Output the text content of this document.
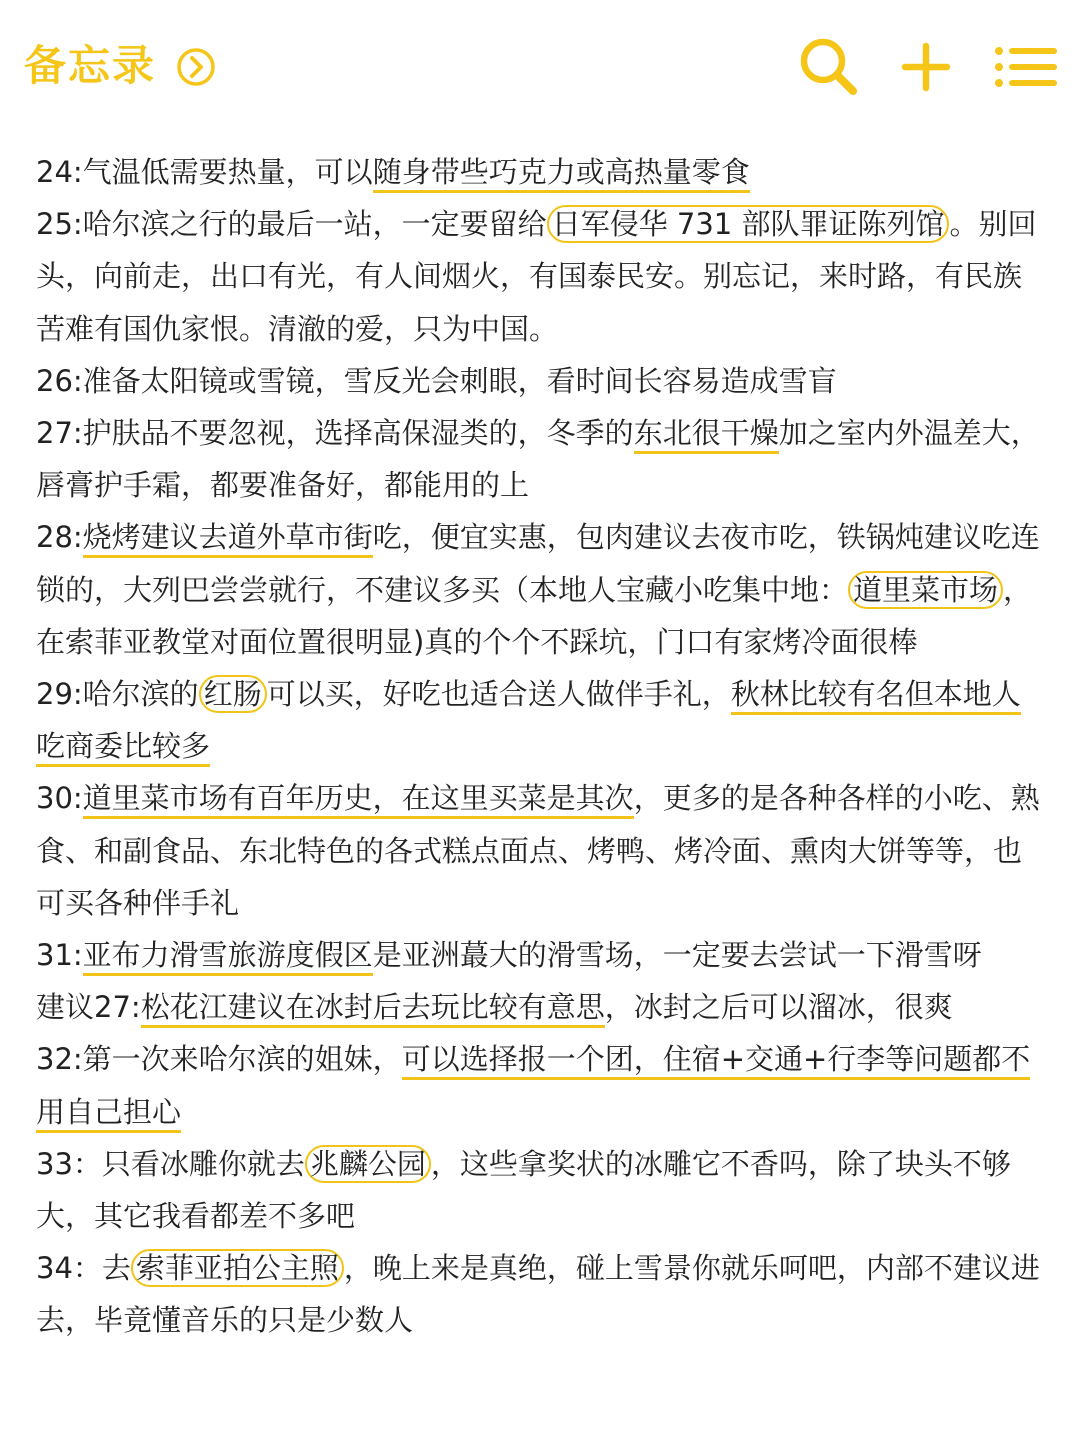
备忘录

24:气温低需要热量，可以随身带些巧克力或高热量零食

25:哈尔滨之行的最后一站，一定要留给 日军侵华 731 部队罪证陈列馆 。别回头，向前走，出口有光，有人间烟火，有国泰民安。别忘记，来时路，有民族苦难有国仇家恨。清澈的爱，只为中国。

26:准备太阳镜或雪镜，雪反光会刺眼，看时间长容易造成雪盲

27:护肤品不要忽视，选择高保湿类的，冬季的东北很干燥加之室内外温差大，唇膏护手霜，都要准备好，都能用的上

28:烧烤建议去道外草市街吃，便宜实惠，包肉建议去夜市吃，铁锅炖建议吃连锁的，大列巴尝尝就行，不建议多买（本地人宝藏小吃集中地： 道里菜市场 ，在索菲亚教堂对面位置很明显)真的个个不踩坑，门口有家烤冷面很棒

29:哈尔滨的 红肠 可以买，好吃也适合送人做伴手礼，秋林比较有名但本地人吃商委比较多

30:道里菜市场有百年历史，在这里买菜是其次，更多的是各种各样的小吃、熟食、和副食品、东北特色的各式糕点面点、烤鸭、烤冷面、熏肉大饼等等，也可买各种伴手礼

31:亚布力滑雪旅游度假区是亚洲蕞大的滑雪场，一定要去尝试一下滑雪呀

建议27:松花江建议在冰封后去玩比较有意思，冰封之后可以溜冰，很爽

32:第一次来哈尔滨的姐妹，可以选择报一个团，住宿+交通+行李等问题都不用自己担心

33：只看冰雕你就去 兆麟公园 ，这些拿奖状的冰雕它不香吗，除了块头不够大，其它我看都差不多吧

34：去 索菲亚拍公主照 ，晚上来是真绝，碰上雪景你就乐呵吧，内部不建议进去，毕竟懂音乐的只是少数人
